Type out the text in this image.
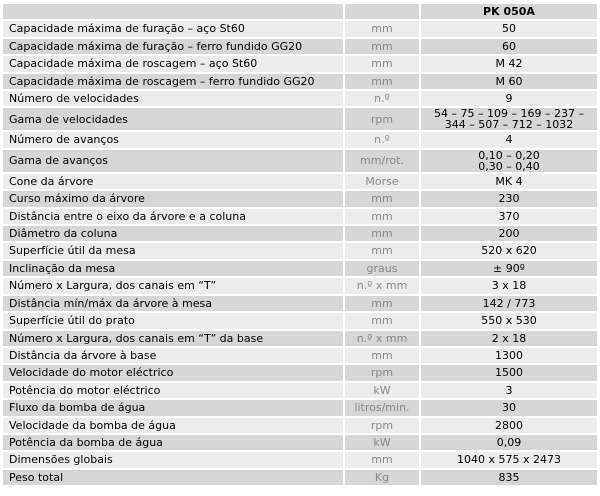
		PK 050A
Capacidade máxima de furação – aço St60	mm	50
Capacidade máxima de furação – ferro fundido GG20	mm	60
Capacidade máxima de roscagem – aço St60	mm	M 42
Capacidade máxima de roscagem – ferro fundido GG20	mm	M 60
Número de velocidades	n.º	9
Gama de velocidades	rpm	54 – 75 – 109 – 169 – 237 –
344 – 507 – 712 – 1032

Número de avanços	n.º	4
Gama de avanços	mm/rot.	0,10 – 0,20
0,30 – 0,40

Cone da árvore	Morse	MK 4
Curso máximo da árvore	mm	230
Distância entre o eixo da árvore e a coluna	mm	370
Diâmetro da coluna	mm	200
Superfície útil da mesa	mm	520 x 620
Inclinação da mesa	graus	± 90º
Número x Largura, dos canais em “T”	n.º x mm	3 x 18
Distância mín/máx da árvore à mesa	mm	142 / 773
Superfície útil do prato	mm	550 x 530
Número x Largura, dos canais em “T” da base	n.º x mm	2 x 18
Distância da árvore à base	mm	1300
Velocidade do motor eléctrico	rpm	1500
Potência do motor eléctrico	kW	3
Fluxo da bomba de água	litros/min.	30
Velocidade da bomba de água	rpm	2800
Potência da bomba de água	kW	0,09
Dimensões globais	mm	1040 x 575 x 2473
Peso total	Kg	835
